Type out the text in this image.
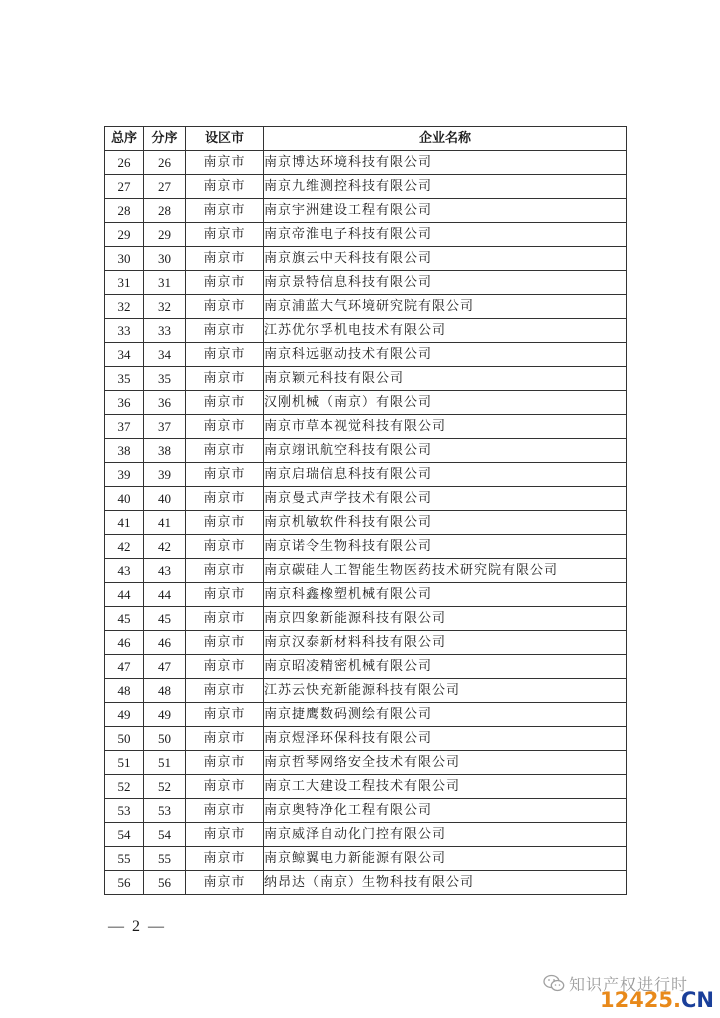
总序	分序	设区市	企业名称
26	26	南京市	南京博达环境科技有限公司
27	27	南京市	南京九维测控科技有限公司
28	28	南京市	南京宇洲建设工程有限公司
29	29	南京市	南京帝淮电子科技有限公司
30	30	南京市	南京旗云中天科技有限公司
31	31	南京市	南京景特信息科技有限公司
32	32	南京市	南京浦蓝大气环境研究院有限公司
33	33	南京市	江苏优尔孚机电技术有限公司
34	34	南京市	南京科远驱动技术有限公司
35	35	南京市	南京颖元科技有限公司
36	36	南京市	汉刚机械（南京）有限公司
37	37	南京市	南京市草本视觉科技有限公司
38	38	南京市	南京翊讯航空科技有限公司
39	39	南京市	南京启瑞信息科技有限公司
40	40	南京市	南京曼式声学技术有限公司
41	41	南京市	南京机敏软件科技有限公司
42	42	南京市	南京诺令生物科技有限公司
43	43	南京市	南京碳硅人工智能生物医药技术研究院有限公司
44	44	南京市	南京科鑫橡塑机械有限公司
45	45	南京市	南京四象新能源科技有限公司
46	46	南京市	南京汉泰新材料科技有限公司
47	47	南京市	南京昭凌精密机械有限公司
48	48	南京市	江苏云快充新能源科技有限公司
49	49	南京市	南京捷鹰数码测绘有限公司
50	50	南京市	南京煜泽环保科技有限公司
51	51	南京市	南京哲琴网络安全技术有限公司
52	52	南京市	南京工大建设工程技术有限公司
53	53	南京市	南京奥特净化工程有限公司
54	54	南京市	南京威泽自动化门控有限公司
55	55	南京市	南京鲸翼电力新能源有限公司
56	56	南京市	纳昂达（南京）生物科技有限公司
— 2 —
知识产权进行时
12425.CN
